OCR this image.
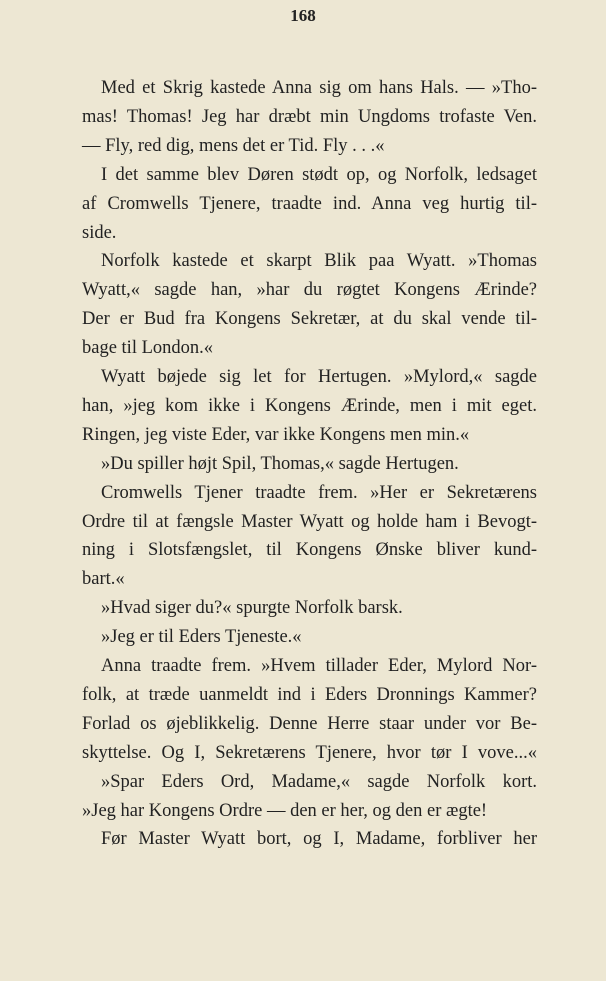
168
Med et Skrig kastede Anna sig om hans Hals. — »Tho-
mas! Thomas! Jeg har dræbt min Ungdoms trofaste Ven.
— Fly, red dig, mens det er Tid. Fly . . .«
I det samme blev Døren stødt op, og Norfolk, ledsaget
af Cromwells Tjenere, traadte ind. Anna veg hurtig til-
side.
Norfolk kastede et skarpt Blik paa Wyatt. »Thomas
Wyatt,« sagde han, »har du røgtet Kongens Ærinde?
Der er Bud fra Kongens Sekretær, at du skal vende til-
bage til London.«
Wyatt bøjede sig let for Hertugen. »Mylord,« sagde
han, »jeg kom ikke i Kongens Ærinde, men i mit eget.
Ringen, jeg viste Eder, var ikke Kongens men min.«
»Du spiller højt Spil, Thomas,« sagde Hertugen.
Cromwells Tjener traadte frem. »Her er Sekretærens
Ordre til at fængsle Master Wyatt og holde ham i Bevogt-
ning i Slotsfængslet, til Kongens Ønske bliver kund-
bart.«
»Hvad siger du?« spurgte Norfolk barsk.
»Jeg er til Eders Tjeneste.«
Anna traadte frem. »Hvem tillader Eder, Mylord Nor-
folk, at træde uanmeldt ind i Eders Dronnings Kammer?
Forlad os øjeblikkelig. Denne Herre staar under vor Be-
skyttelse. Og I, Sekretærens Tjenere, hvor tør I vove...«
»Spar Eders Ord, Madame,« sagde Norfolk kort.
»Jeg har Kongens Ordre — den er her, og den er ægte!
Før Master Wyatt bort, og I, Madame, forbliver her
